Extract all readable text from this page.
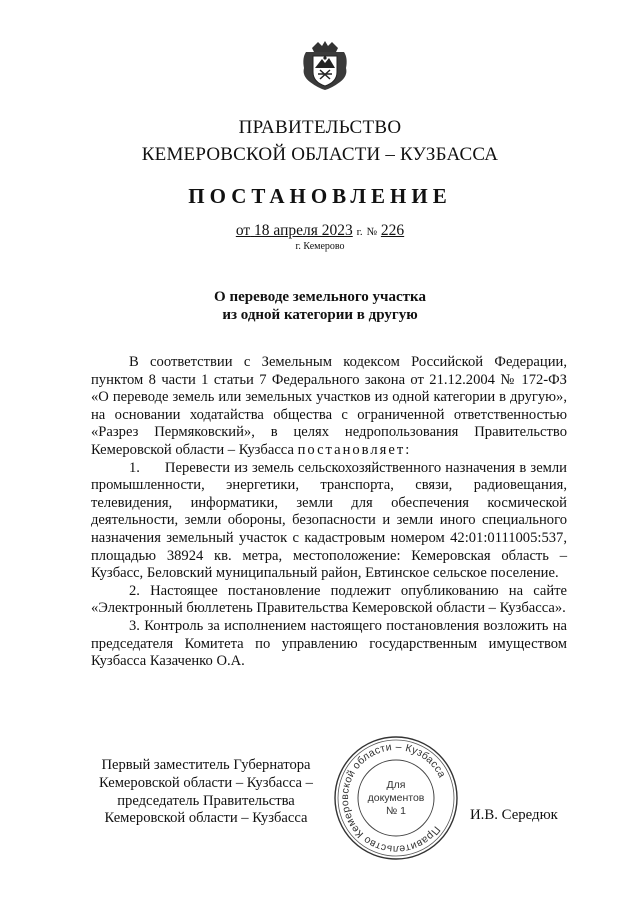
ПРАВИТЕЛЬСТВО
КЕМЕРОВСКОЙ ОБЛАСТИ – КУЗБАССА
ПОСТАНОВЛЕНИЕ
от 18 апреля 2023 г. № 226
г. Кемерово
О переводе земельного участка
из одной категории в другую

В соответствии с Земельным кодексом Российской Федерации, пунктом 8 части 1 статьи 7 Федерального закона от 21.12.2004 № 172-ФЗ «О переводе земель или земельных участков из одной категории в другую», на основании ходатайства общества с ограниченной ответственностью «Разрез Пермяковский», в целях недропользования Правительство Кемеровской области – Кузбасса постановляет:

1.      Перевести из земель сельскохозяйственного назначения в земли промышленности, энергетики, транспорта, связи, радиовещания, телевидения, информатики, земли для обеспечения космической деятельности, земли обороны, безопасности и земли иного специального назначения земельный участок с кадастровым номером 42:01:0111005:537, площадью 38924 кв. метра, местоположение: Кемеровская область – Кузбасс, Беловский муниципальный район, Евтинское сельское поселение.

2. Настоящее постановление подлежит опубликованию на сайте «Электронный бюллетень Правительства Кемеровской области – Кузбасса».

3. Контроль за исполнением настоящего постановления возложить на председателя Комитета по управлению государственным имуществом Кузбасса Казаченко О.А.

Первый заместитель Губернатора
Кемеровской области – Кузбасса –
председатель Правительства
Кемеровской области – Кузбасса
Правительство Кемеровской области – Кузбасса
Для
документов
№ 1	И.В. Середюк
